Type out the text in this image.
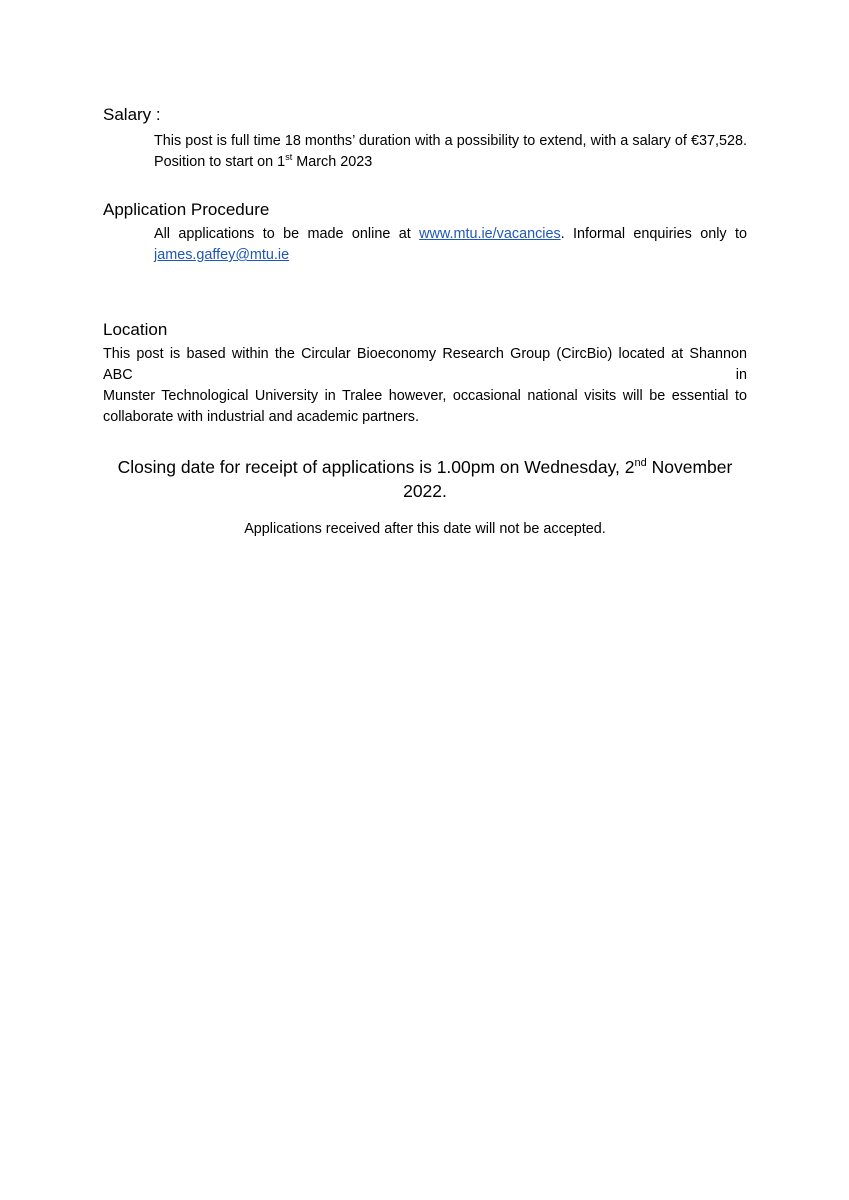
Salary :
This post is full time 18 months’ duration with a possibility to extend, with a salary of €37,528.
Position to start on 1st March 2023
Application Procedure
All applications to be made online at www.mtu.ie/vacancies. Informal enquiries only to
james.gaffey@mtu.ie
Location
This post is based within the Circular Bioeconomy Research Group (CircBio) located at Shannon ABC in
Munster Technological University in Tralee however, occasional national visits will be essential to
collaborate with industrial and academic partners.
Closing date for receipt of applications is 1.00pm on Wednesday, 2nd November
2022.

Applications received after this date will not be accepted.
